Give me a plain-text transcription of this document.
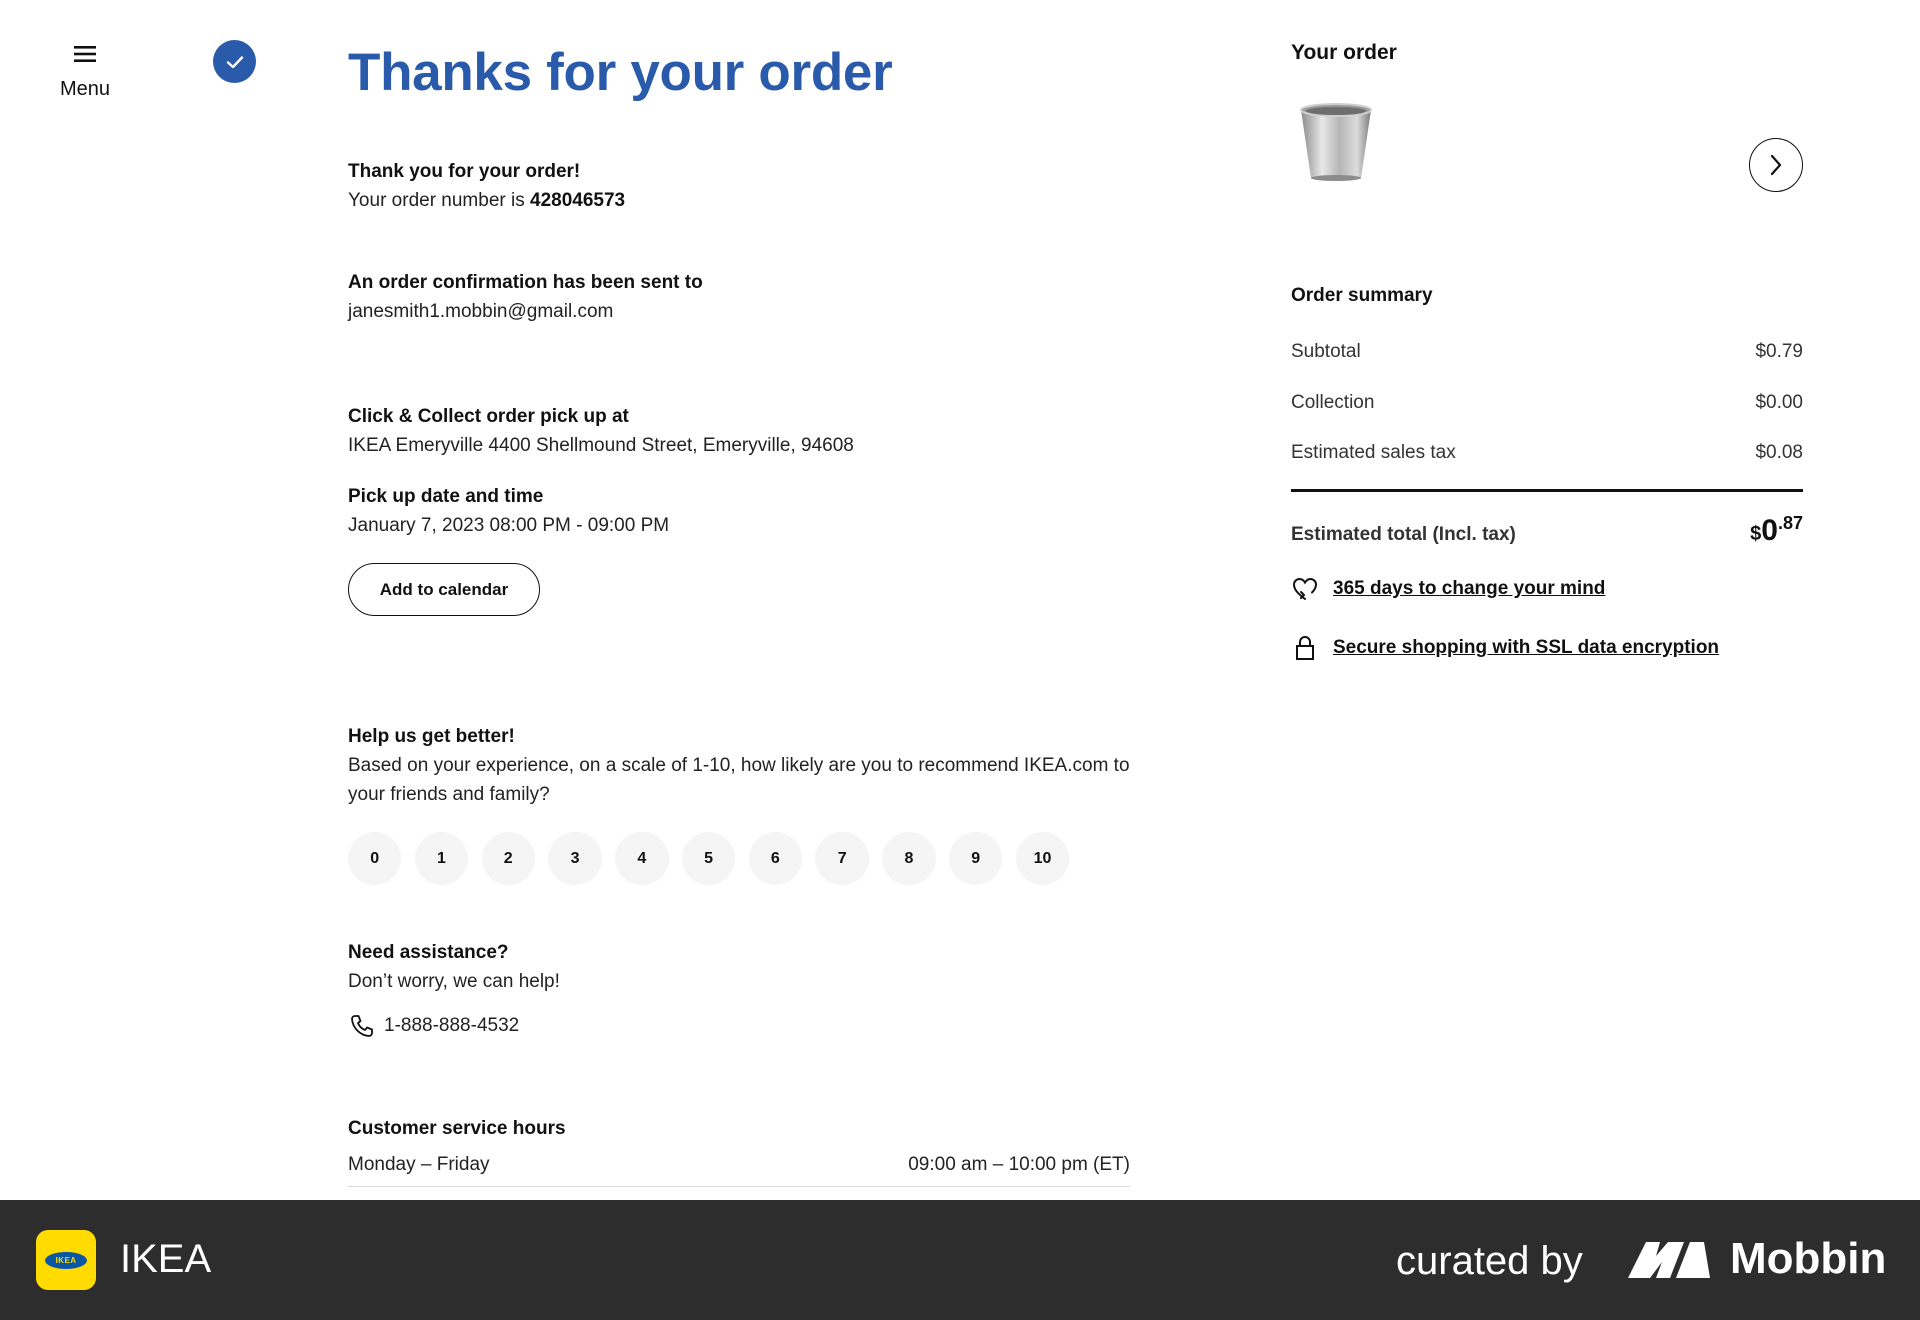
Menu	Thanks for your order
Thank you for your order!
Your order number is 428046573
An order confirmation has been sent to
janesmith1.mobbin@gmail.com
Click & Collect order pick up at
IKEA Emeryville 4400 Shellmound Street, Emeryville, 94608
Pick up date and time
January 7, 2023 08:00 PM - 09:00 PM
Add to calendar
Help us get better!
Based on your experience, on a scale of 1-10, how likely are you to recommend IKEA.com to your friends and family?
0	1	2	3	4	5	6	7	8	9	10
Need assistance?
Don’t worry, we can help!
1-888-888-4532
Customer service hours
Monday – Friday	09:00 am – 10:00 pm (ET)
Your order
Order summary
Subtotal	$0.79
Collection	$0.00
Estimated sales tax	$0.08
Estimated total (Incl. tax)	$0.87
365 days to change your mind
Secure shopping with SSL data encryption
IKEA IKEA	curated by	Mobbin
